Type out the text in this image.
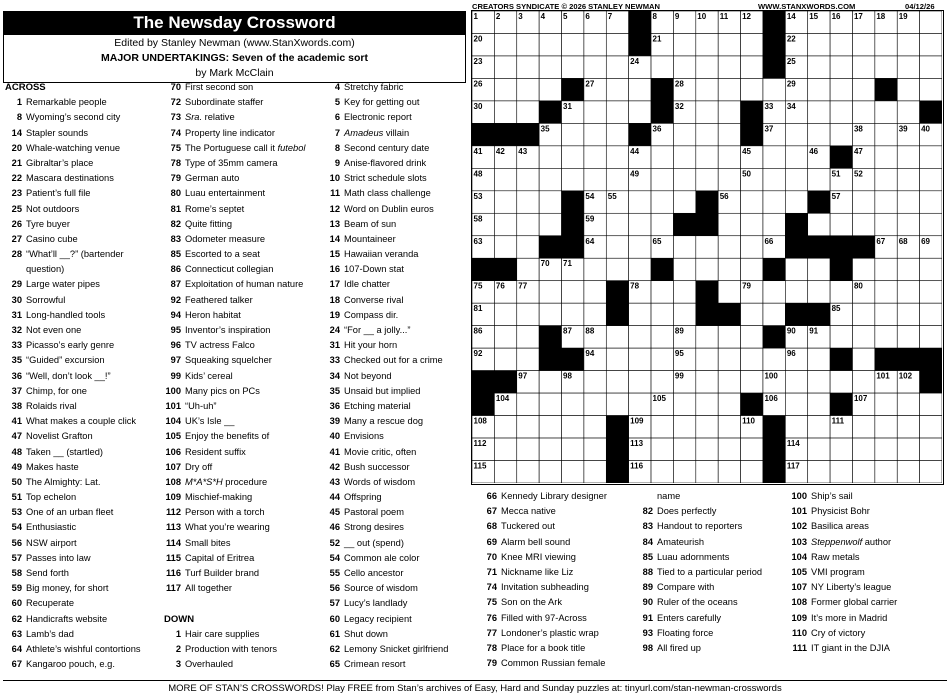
The Newsday Crossword
Edited by Stanley Newman (www.StanXwords.com)
MAJOR UNDERTAKINGS: Seven of the academic sort
by Mark McClain
CREATORS SYNDICATE © 2026 STANLEY NEWMAN	WWW.STANXWORDS.COM	04/12/26
1 2 3 4 5 6 7	8 9 10 11 12	14 15 16 17 18 19
20	21	22
23	24	25
26	27	28	29
30	31	32	33 34
35	36	37	38	39 40
41 42 43	44	45	46	47
48	49	50	51 52
53	54 55	56	57
58	59	60 61	62
63	64	65	66	67 68 69
70 71	72	73	74
75 76 77	78	79	80
81	82	83 84	85
86	87 88	89	90 91
92	93	94	95	96
97	98	99	100	101 102 103
104	105	106	107
108	109	110	111
112	113	114
115	116	117
ACROSS
1 Remarkable people
8 Wyoming’s second city
14 Stapler sounds
20 Whale-watching venue
21 Gibraltar’s place
22 Mascara destinations
23 Patient’s full file
25 Not outdoors
26 Tyre buyer
27 Casino cube
28 “What’ll __?” (bartender
question)
29 Large water pipes
30 Sorrowful
31 Long-handled tools
32 Not even one
33 Picasso’s early genre
35 “Guided” excursion
36 “Well, don’t look __!”
37 Chimp, for one
38 Rolaids rival
41 What makes a couple click
47 Novelist Grafton
48 Taken __ (startled)
49 Makes haste
50 The Almighty: Lat.
51 Top echelon
53 One of an urban fleet
54 Enthusiastic
56 NSW airport
57 Passes into law
58 Send forth
59 Big money, for short
60 Recuperate
62 Handicrafts website
63 Lamb’s dad
64 Athlete’s wishful contortions
67 Kangaroo pouch, e.g.
70 First second son
72 Subordinate staffer
73 Sra. relative
74 Property line indicator
75 The Portuguese call it futebol
78 Type of 35mm camera
79 German auto
80 Luau entertainment
81 Rome’s septet
82 Quite fitting
83 Odometer measure
85 Escorted to a seat
86 Connecticut collegian
87 Exploitation of human nature
92 Feathered talker
94 Heron habitat
95 Inventor’s inspiration
96 TV actress Falco
97 Squeaking squelcher
99 Kids’ cereal
100 Many pics on PCs
101 “Uh-uh”
104 UK’s Isle __
105 Enjoy the benefits of
106 Resident suffix
107 Dry off
108 M*A*S*H procedure
109 Mischief-making
112 Person with a torch
113 What you’re wearing
114 Small bites
115 Capital of Eritrea
116 Turf Builder brand
117 All together
DOWN
1 Hair care supplies
2 Production with tenors
3 Overhauled
4 Stretchy fabric
5 Key for getting out
6 Electronic report
7 Amadeus villain
8 Second century date
9 Anise-flavored drink
10 Strict schedule slots
11 Math class challenge
12 Word on Dublin euros
13 Beam of sun
14 Mountaineer
15 Hawaiian veranda
16 107-Down stat
17 Idle chatter
18 Converse rival
19 Compass dir.
24 “For __ a jolly...”
31 Hit your horn
33 Checked out for a crime
34 Not beyond
35 Unsaid but implied
36 Etching material
39 Many a rescue dog
40 Envisions
41 Movie critic, often
42 Bush successor
43 Words of wisdom
44 Offspring
45 Pastoral poem
46 Strong desires
52 __ out (spend)
54 Common ale color
55 Cello ancestor
56 Source of wisdom
57 Lucy’s landlady
60 Legacy recipient
61 Shut down
62 Lemony Snicket girlfriend
65 Crimean resort
66 Kennedy Library designer
67 Mecca native
68 Tuckered out
69 Alarm bell sound
70 Knee MRI viewing
71 Nickname like Liz
74 Invitation subheading
75 Son on the Ark
76 Filled with 97-Across
77 Londoner’s plastic wrap
78 Place for a book title
79 Common Russian female
name
82 Does perfectly
83 Handout to reporters
84 Amateurish
85 Luau adornments
88 Tied to a particular period
89 Compare with
90 Ruler of the oceans
91 Enters carefully
93 Floating force
98 All fired up
100 Ship’s sail
101 Physicist Bohr
102 Basilica areas
103 Steppenwolf author
104 Raw metals
105 VMI program
107 NY Liberty’s league
108 Former global carrier
109 It’s more in Madrid
110 Cry of victory
111 IT giant in the DJIA
MORE OF STAN’S CROSSWORDS! Play FREE from Stan’s archives of Easy, Hard and Sunday puzzles at: tinyurl.com/stan-newman-crosswords
